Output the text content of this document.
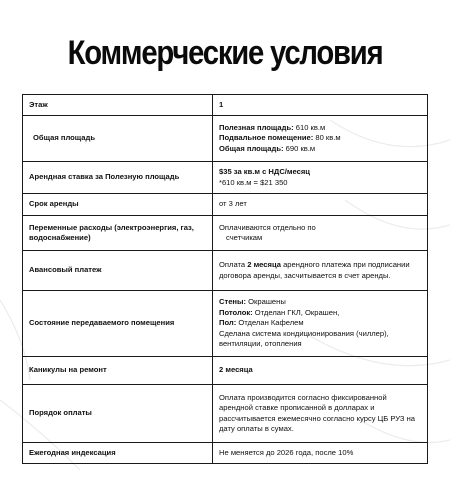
Коммерческие условия
Этаж	1

Общая площадь	Полезная площадь: 610 кв.м
Подвальное помещение: 80 кв.м
Общая площадь: 690 кв.м

Арендная ставка за Полезную площадь	$35 за кв.м с НДС/месяц
*610 кв.м = $21 350

Срок аренды	от 3 лет

Переменные расходы (электроэнергия, газ, водоснабжение)	Оплачиваются отдельно по
счетчикам

Авансовый платеж	Оплата 2 месяца арендного платежа при подписании
договора аренды, засчитывается в счет аренды.

Состояние передаваемого помещения	Стены: Окрашены
Потолок: Отделан ГКЛ, Окрашен,
Пол: Отделан Кафелем
Сделана система кондиционирования (чиллер),
вентиляции, отопления

Каникулы на ремонт	2 месяца

Порядок оплаты	Оплата производится согласно фиксированной
арендной ставке прописанной в долларах и
рассчитывается ежемесячно согласно курсу ЦБ РУЗ на
дату оплаты в сумах.

Ежегодная индексация	Не меняется до 2026 года, после 10%
